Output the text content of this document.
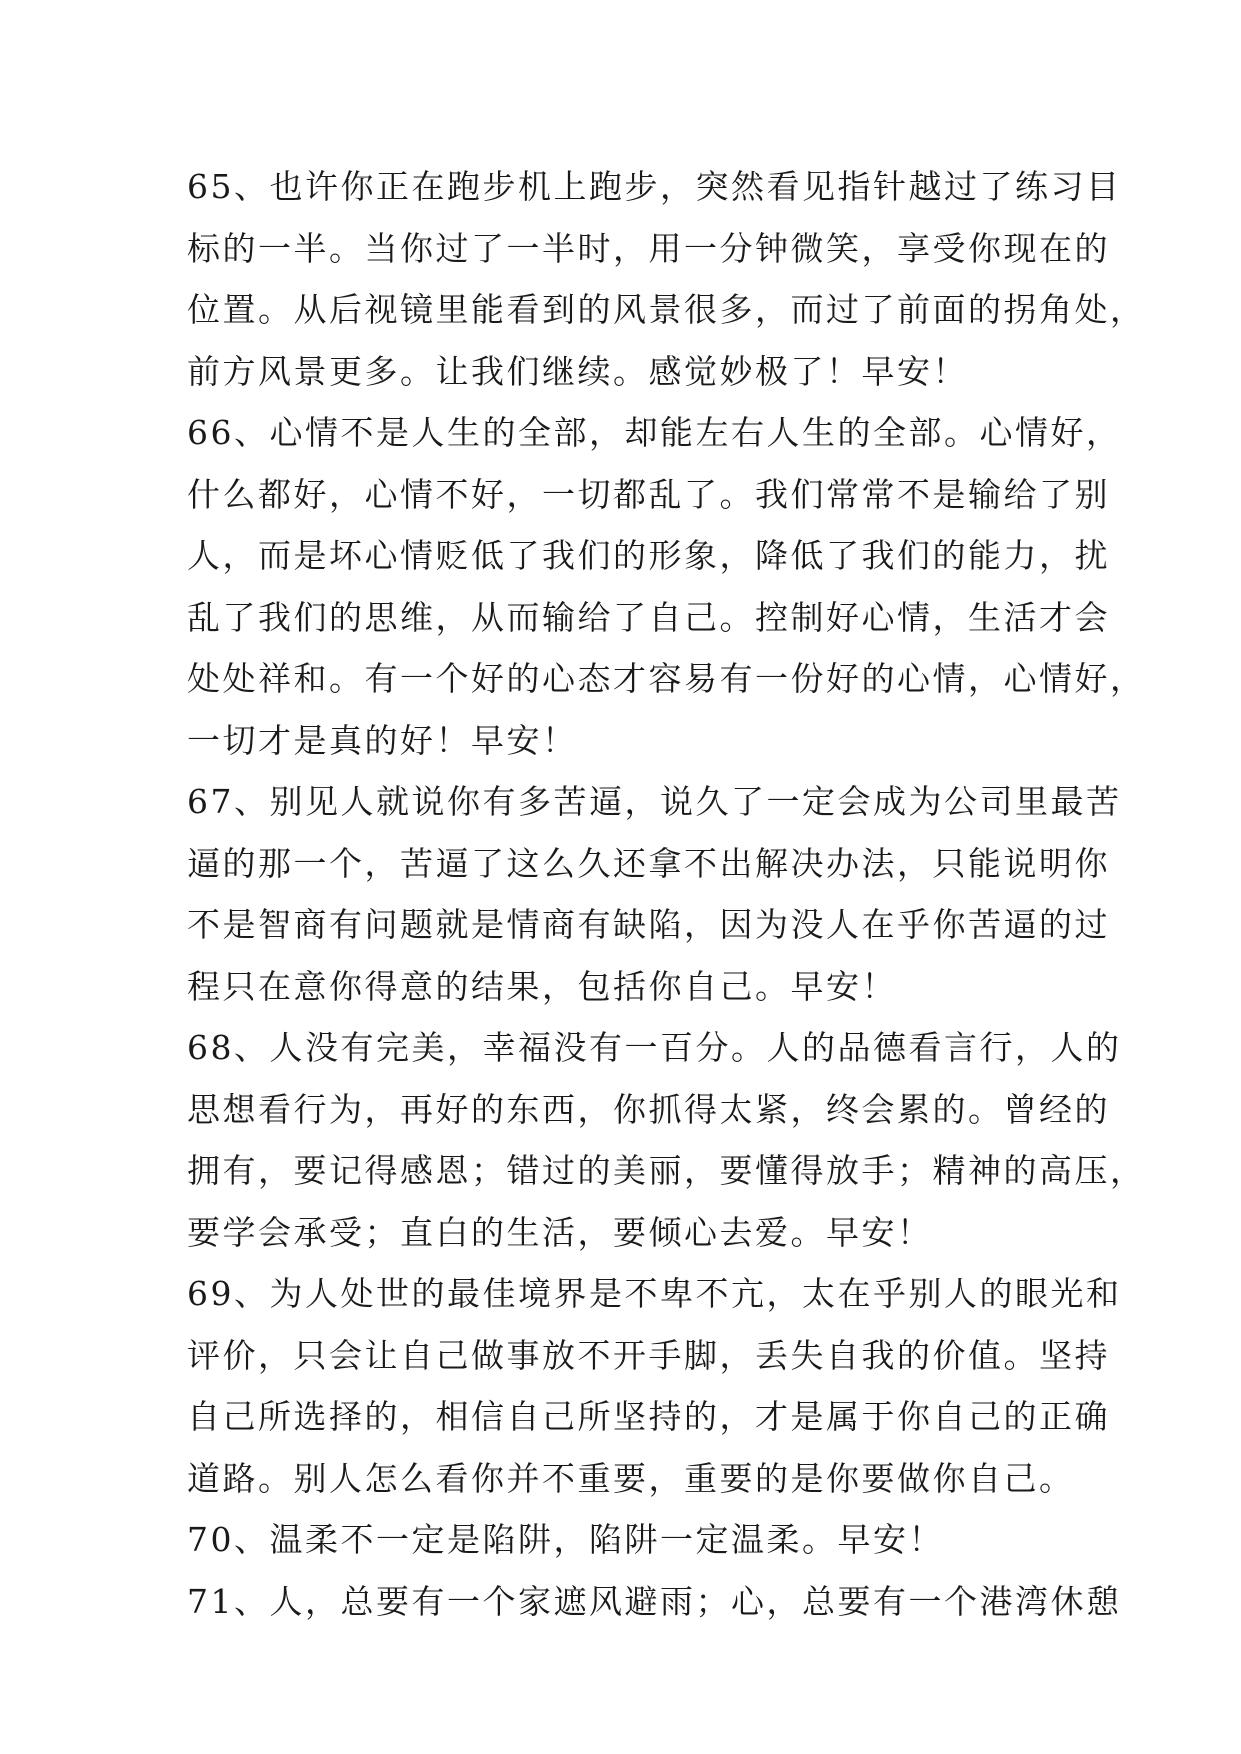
65、也许你正在跑步机上跑步，突然看见指针越过了练习目
标的一半。当你过了一半时，用一分钟微笑，享受你现在的
位置。从后视镜里能看到的风景很多，而过了前面的拐角处，
前方风景更多。让我们继续。感觉妙极了！早安！
66、心情不是人生的全部，却能左右人生的全部。心情好，
什么都好，心情不好，一切都乱了。我们常常不是输给了别
人，而是坏心情贬低了我们的形象，降低了我们的能力，扰
乱了我们的思维，从而输给了自己。控制好心情，生活才会
处处祥和。有一个好的心态才容易有一份好的心情，心情好，
一切才是真的好！早安！
67、别见人就说你有多苦逼，说久了一定会成为公司里最苦
逼的那一个，苦逼了这么久还拿不出解决办法，只能说明你
不是智商有问题就是情商有缺陷，因为没人在乎你苦逼的过
程只在意你得意的结果，包括你自己。早安！
68、人没有完美，幸福没有一百分。人的品德看言行，人的
思想看行为，再好的东西，你抓得太紧，终会累的。曾经的
拥有，要记得感恩；错过的美丽，要懂得放手；精神的高压，
要学会承受；直白的生活，要倾心去爱。早安！
69、为人处世的最佳境界是不卑不亢，太在乎别人的眼光和
评价，只会让自己做事放不开手脚，丢失自我的价值。坚持
自己所选择的，相信自己所坚持的，才是属于你自己的正确
道路。别人怎么看你并不重要，重要的是你要做你自己。
70、温柔不一定是陷阱，陷阱一定温柔。早安！
71、人，总要有一个家遮风避雨；心，总要有一个港湾休憩
